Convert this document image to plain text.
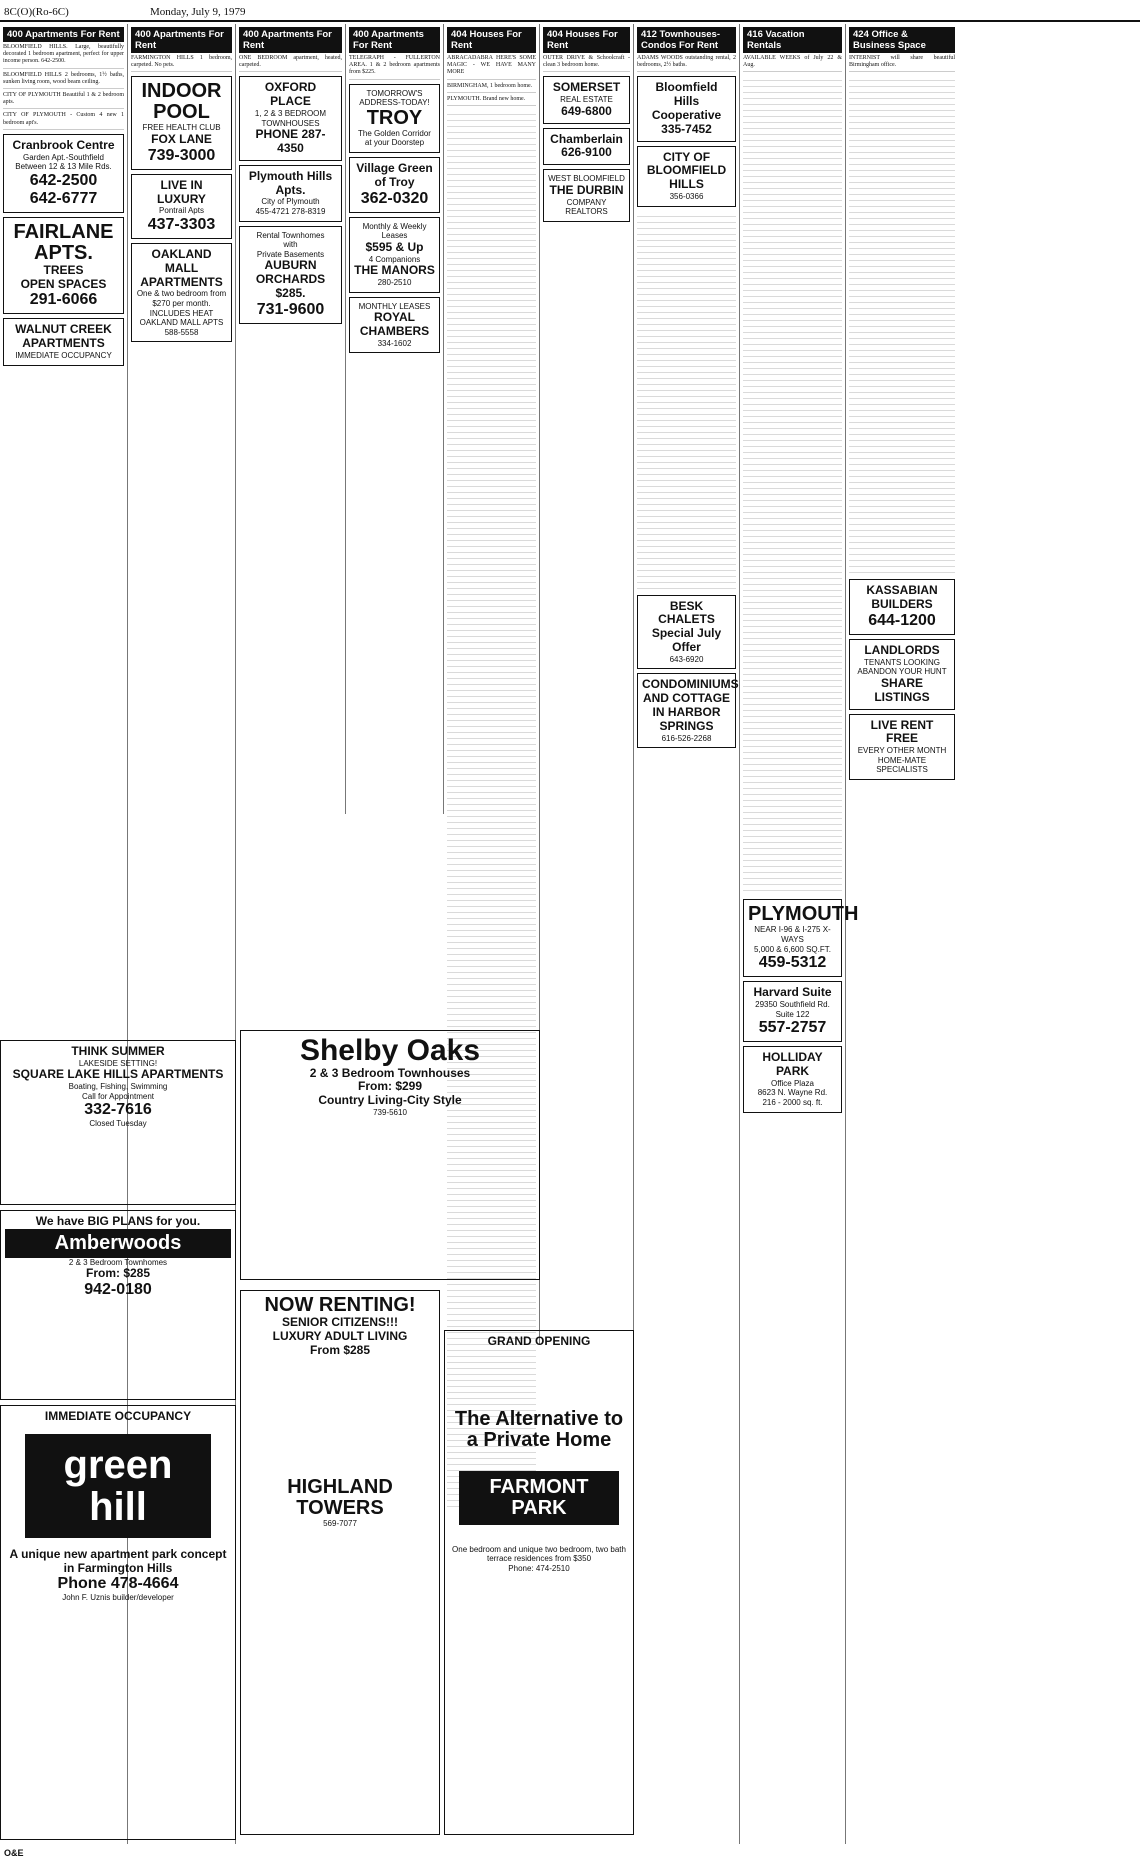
8C(O)(Ro-6C)	Monday, July 9, 1979
400 Apartments For Rent
BLOOMFIELD HILLS. Large, beautifully decorated 1 bedroom apartment, perfect for upper income person. 642-2500.
BLOOMFIELD HILLS 2 bedrooms, 1½ baths, sunken living room, wood beam ceiling.
CITY OF PLYMOUTH Beautiful 1 & 2 bedroom apts.
CITY OF PLYMOUTH - Custom 4 new 1 bedroom apt's.
Cranbrook Centre
Garden Apt.-Southfield
Between 12 & 13 Mile Rds.
642-2500
642-6777
FAIRLANE APTS.
TREES
OPEN SPACES
291-6066
WALNUT CREEK APARTMENTS
IMMEDIATE OCCUPANCY
400 Apartments For Rent
FARMINGTON HILLS 1 bedroom, carpeted. No pets.
INDOOR POOL
FREE HEALTH CLUB
FOX LANE
739-3000
LIVE IN LUXURY
Pontrail Apts
437-3303
OAKLAND MALL APARTMENTS
One & two bedroom from
$270 per month.
INCLUDES HEAT
OAKLAND MALL APTS 588-5558
400 Apartments For Rent
ONE BEDROOM apartment, heated, carpeted.
OXFORD PLACE
1, 2 & 3 BEDROOM TOWNHOUSES
PHONE 287-4350
Plymouth Hills Apts.
City of Plymouth
455-4721 278-8319
Rental Townhomes
with
Private Basements
AUBURN ORCHARDS
$285.
731-9600
400 Apartments For Rent
TELEGRAPH - FULLERTON AREA. 1 & 2 bedroom apartments from $225.
TOMORROW'S ADDRESS-TODAY!
TROY
The Golden Corridor at your Doorstep
Village Green of Troy
362-0320
Monthly & Weekly Leases
$595 & Up
4 Companions
THE MANORS
280-2510
MONTHLY LEASES
ROYAL CHAMBERS
334-1602
404 Houses For Rent
ABRACADABRA HERE'S SOME MAGIC - WE HAVE MANY MORE
BIRMINGHAM, 1 bedroom home.
PLYMOUTH. Brand new home.
404 Houses For Rent
OUTER DRIVE & Schoolcraft - clean 3 bedroom home.
SOMERSET
REAL ESTATE
649-6800
Chamberlain
626-9100
WEST BLOOMFIELD
THE DURBIN
COMPANY REALTORS
412 Townhouses-Condos For Rent
ADAMS WOODS outstanding rental, 2 bedrooms, 2½ baths.
Bloomfield Hills Cooperative
335-7452
CITY OF BLOOMFIELD HILLS
356-0366
BESK CHALETS
Special July Offer
643-6920
CONDOMINIUMS AND COTTAGE IN HARBOR SPRINGS
616-526-2268
416 Vacation Rentals
AVAILABLE WEEKS of July 22 & Aug.
PLYMOUTH
NEAR I-96 & I-275 X-WAYS
5,000 & 6,600 SQ.FT.
459-5312
Harvard Suite
29350 Southfield Rd.
Suite 122
557-2757
HOLLIDAY PARK
Office Plaza
8623 N. Wayne Rd.
216 - 2000 sq. ft.
424 Office & Business Space
INTERNIST will share beautiful Birmingham office.
KASSABIAN BUILDERS
644-1200
LANDLORDS
TENANTS LOOKING
ABANDON YOUR HUNT
SHARE LISTINGS
LIVE RENT FREE
EVERY OTHER MONTH
HOME-MATE SPECIALISTS
THINK SUMMER
LAKESIDE SETTING!
SQUARE LAKE HILLS APARTMENTS
Boating, Fishing, Swimming
Call for Appointment
332-7616
Closed Tuesday
We have BIG PLANS for you.
Amberwoods
2 & 3 Bedroom Townhomes
From: $285
942-0180
IMMEDIATE OCCUPANCY
green hill
A unique new apartment park concept in Farmington Hills
Phone 478-4664
John F. Uznis builder/developer
Shelby Oaks
2 & 3 Bedroom Townhouses
From: $299
Country Living-City Style
739-5610
NOW RENTING!
SENIOR CITIZENS!!!
LUXURY ADULT LIVING
From $285
HIGHLAND TOWERS
569-7077
GRAND OPENING
The Alternative to a Private Home
FARMONT PARK
One bedroom and unique two bedroom, two bath terrace residences from $350
Phone: 474-2510
O&E
